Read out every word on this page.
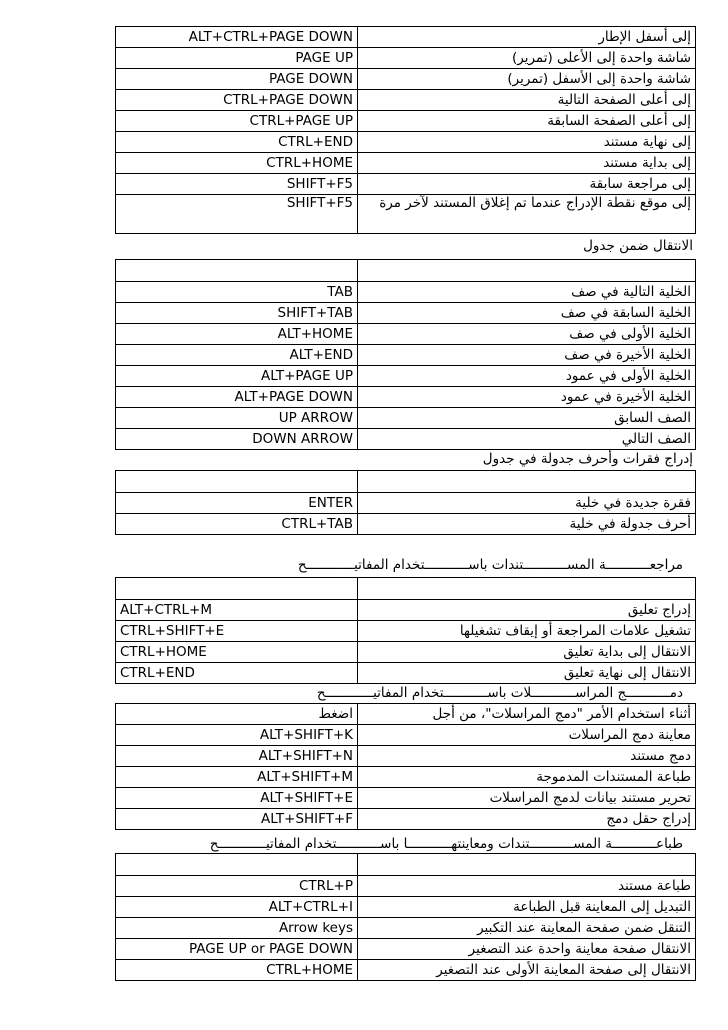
ALT+CTRL+PAGE DOWN	إلى أسفل الإطار
PAGE UP	شاشة واحدة إلى الأعلى (تمرير)
PAGE DOWN	شاشة واحدة إلى الأسفل (تمرير)
CTRL+PAGE DOWN	إلى أعلى الصفحة التالية
CTRL+PAGE UP	إلى أعلى الصفحة السابقة
CTRL+END	إلى نهاية مستند
CTRL+HOME	إلى بداية مستند
SHIFT+F5	إلى مراجعة سابقة
SHIFT+F5	إلى موقع نقطة الإدراج عندما تم إغلاق المستند لآخر مرة
الانتقال ضمن جدول

TAB	الخلية التالية في صف
SHIFT+TAB	الخلية السابقة في صف
ALT+HOME	الخلية الأولى في صف
ALT+END	الخلية الأخيرة في صف
ALT+PAGE UP	الخلية الأولى في عمود
ALT+PAGE DOWN	الخلية الأخيرة في عمود
UP ARROW	الصف السابق
DOWN ARROW	الصف التالي
إدراج فقرات وأحرف جدولة في جدول

ENTER	فقرة جديدة في خلية
CTRL+TAB	أحرف جدولة في خلية
مراجعـــــــــــة المســـــــــــتندات باســـــــــــتخدام المفاتيــــــــــــح

ALT+CTRL+M	إدراج تعليق
CTRL+SHIFT+E	تشغيل علامات المراجعة أو إيقاف تشغيلها
CTRL+HOME	الانتقال إلى بداية تعليق
CTRL+END	الانتقال إلى نهاية تعليق
دمـــــــــــج المراســـــــــــلات باســـــــــــتخدام المفاتيــــــــــــح
اضغط	أثناء استخدام الأمر "دمج المراسلات"، من أجل
ALT+SHIFT+K	معاينة دمج المراسلات
ALT+SHIFT+N	دمج مستند
ALT+SHIFT+M	طباعة المستندات المدموجة
ALT+SHIFT+E	تحرير مستند بيانات لدمج المراسلات
ALT+SHIFT+F	إدراج حقل دمج
طباعـــــــــــة المســـــــــــتندات ومعاينتهـــــــــــا باســـــــــــتخدام المفاتيــــــــــــح

CTRL+P	طباعة مستند
ALT+CTRL+I	التبديل إلى المعاينة قبل الطباعة
Arrow keys	التنقل ضمن صفحة المعاينة عند التكبير
PAGE UP or PAGE DOWN	الانتقال صفحة معاينة واحدة عند التصغير
CTRL+HOME	الانتقال إلى صفحة المعاينة الأولى عند التصغير
